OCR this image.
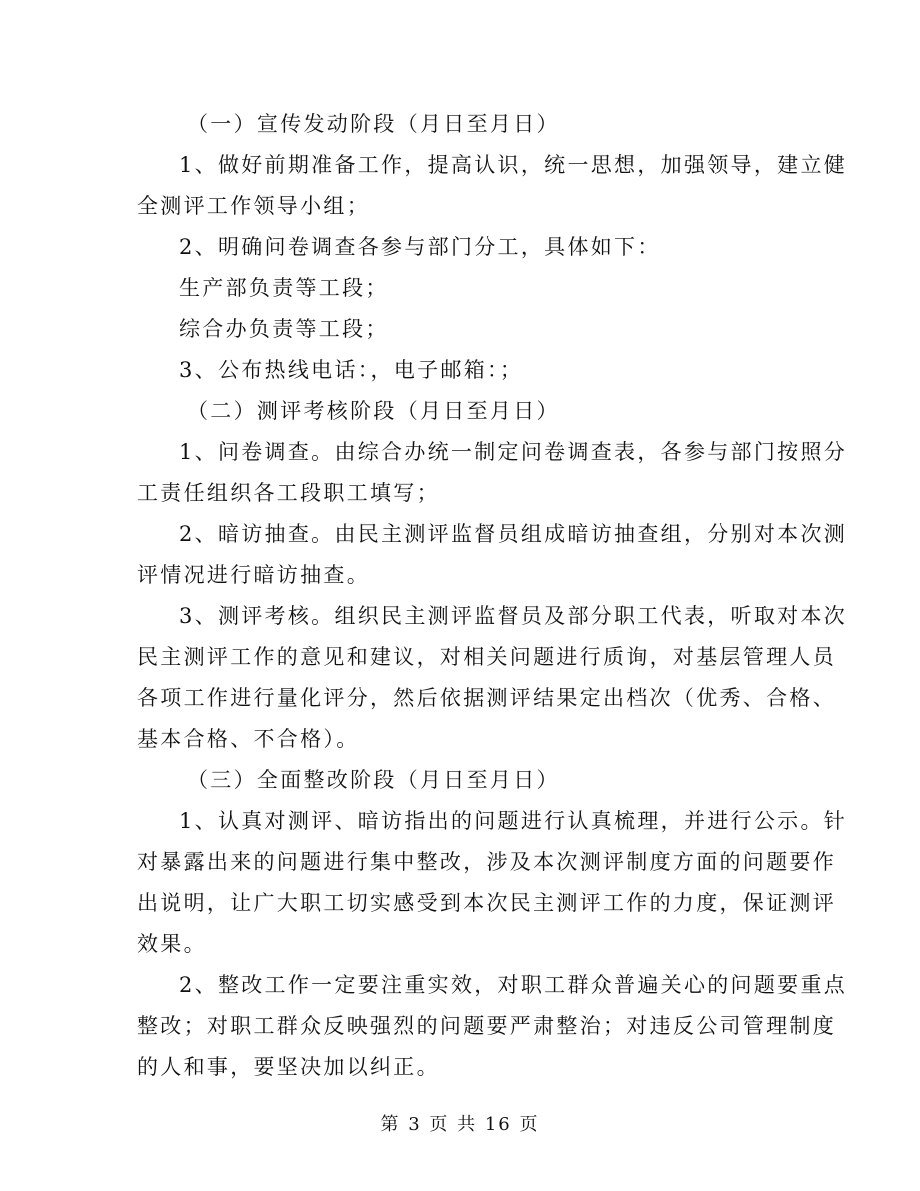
（一）宣传发动阶段（月日至月日）
1、做好前期准备工作，提高认识，统一思想，加强领导，建立健
全测评工作领导小组；
2、明确问卷调查各参与部门分工，具体如下：
生产部负责等工段；
综合办负责等工段；
3、公布热线电话：，电子邮箱：；
（二）测评考核阶段（月日至月日）
1、问卷调查。由综合办统一制定问卷调查表，各参与部门按照分
工责任组织各工段职工填写；
2、暗访抽查。由民主测评监督员组成暗访抽查组，分别对本次测
评情况进行暗访抽查。
3、测评考核。组织民主测评监督员及部分职工代表，听取对本次
民主测评工作的意见和建议，对相关问题进行质询，对基层管理人员
各项工作进行量化评分，然后依据测评结果定出档次（优秀、合格、
基本合格、不合格）。
（三）全面整改阶段（月日至月日）
1、认真对测评、暗访指出的问题进行认真梳理，并进行公示。针
对暴露出来的问题进行集中整改，涉及本次测评制度方面的问题要作
出说明，让广大职工切实感受到本次民主测评工作的力度，保证测评
效果。
2、整改工作一定要注重实效，对职工群众普遍关心的问题要重点
整改；对职工群众反映强烈的问题要严肃整治；对违反公司管理制度
的人和事，要坚决加以纠正。
第 3 页 共 16 页
